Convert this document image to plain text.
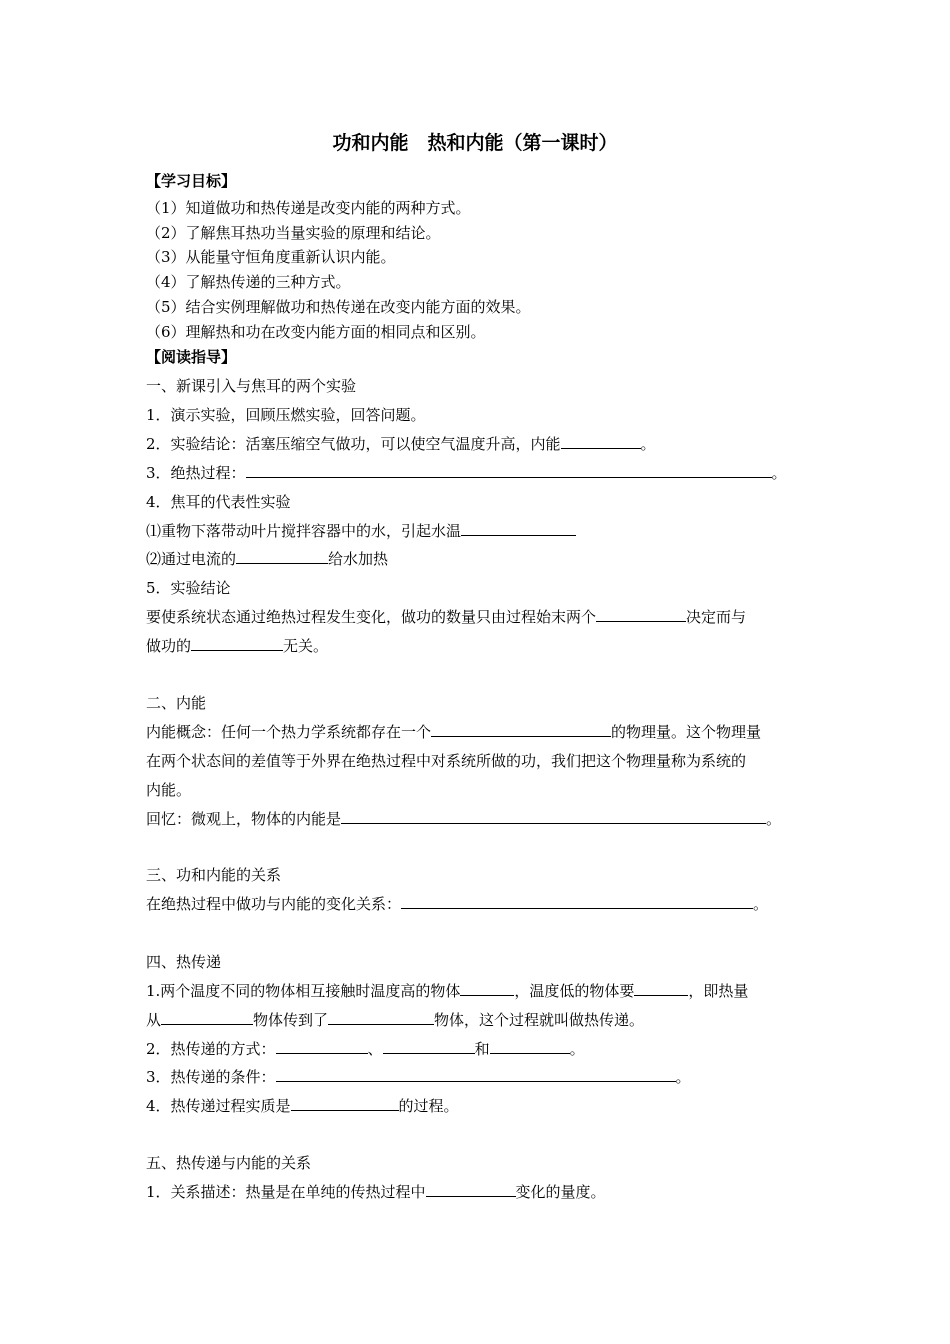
功和内能　热和内能（第一课时）
【学习目标】
（1）知道做功和热传递是改变内能的两种方式。
（2）了解焦耳热功当量实验的原理和结论。
（3）从能量守恒角度重新认识内能。
（4）了解热传递的三种方式。
（5）结合实例理解做功和热传递在改变内能方面的效果。
（6）理解热和功在改变内能方面的相同点和区别。
【阅读指导】
一、新课引入与焦耳的两个实验
1．演示实验，回顾压燃实验，回答问题。
2．实验结论：活塞压缩空气做功，可以使空气温度升高，内能	。
3．绝热过程：	。
4．焦耳的代表性实验
⑴重物下落带动叶片搅拌容器中的水，引起水温
⑵通过电流的	给水加热
5．实验结论
要使系统状态通过绝热过程发生变化，做功的数量只由过程始末两个	决定而与
做功的	无关。
二、内能
内能概念：任何一个热力学系统都存在一个	的物理量。这个物理量
在两个状态间的差值等于外界在绝热过程中对系统所做的功，我们把这个物理量称为系统的
内能。
回忆：微观上，物体的内能是	。
三、功和内能的关系
在绝热过程中做功与内能的变化关系：	。
四、热传递
1.两个温度不同的物体相互接触时温度高的物体	，温度低的物体要	，即热量
从	物体传到了	物体，这个过程就叫做热传递。
2．热传递的方式：	、	和	。
3．热传递的条件：	。
4．热传递过程实质是	的过程。
五、热传递与内能的关系
1．关系描述：热量是在单纯的传热过程中	变化的量度。
